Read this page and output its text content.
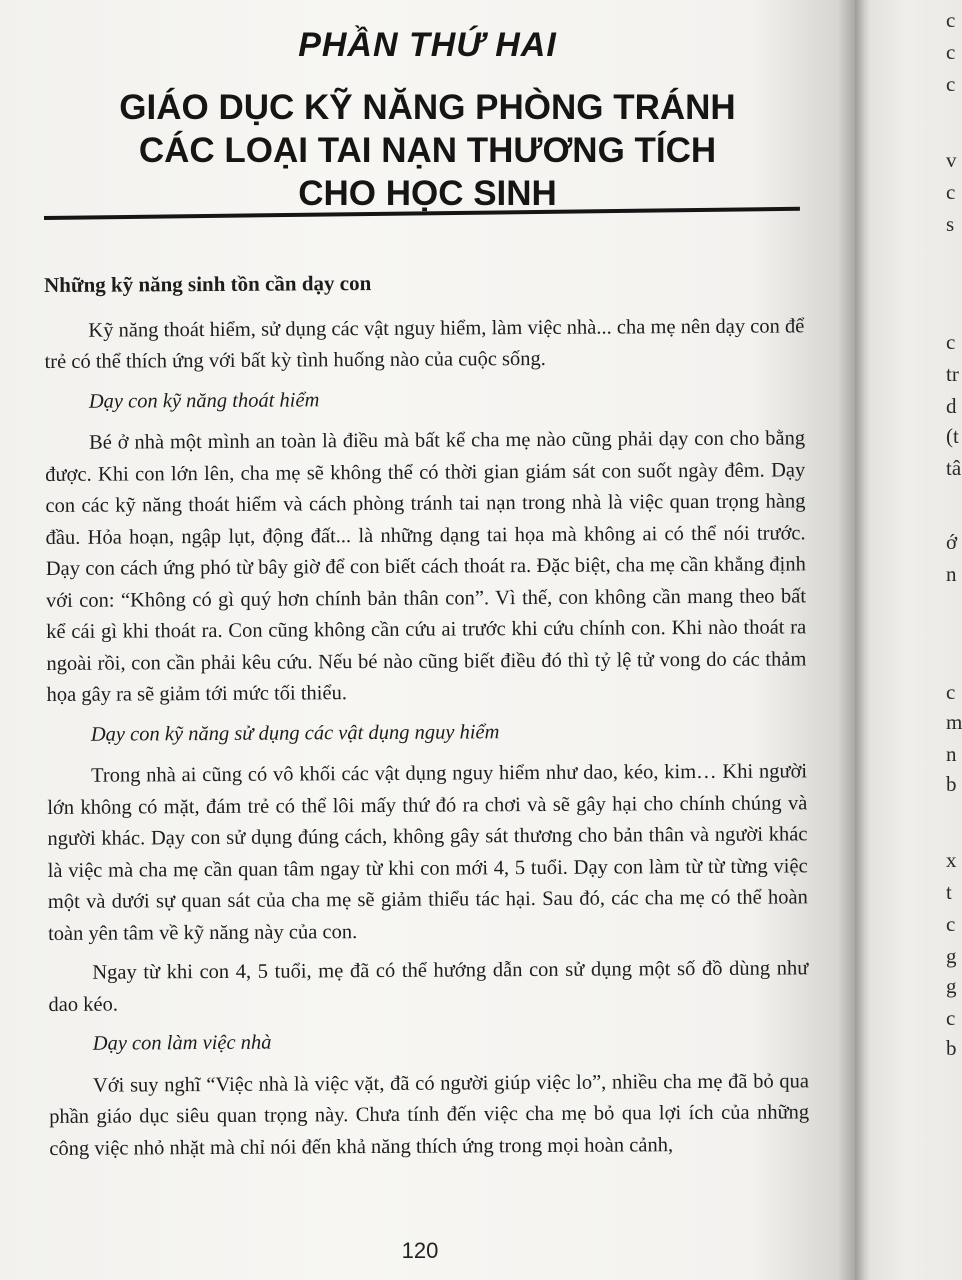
PHẦN THỨ HAI
GIÁO DỤC KỸ NĂNG PHÒNG TRÁNH
CÁC LOẠI TAI NẠN THƯƠNG TÍCH
CHO HỌC SINH

Những kỹ năng sinh tồn cần dạy con

Kỹ năng thoát hiểm, sử dụng các vật nguy hiểm, làm việc nhà... cha mẹ nên dạy con để trẻ có thể thích ứng với bất kỳ tình huống nào của cuộc sống.

Dạy con kỹ năng thoát hiểm

Bé ở nhà một mình an toàn là điều mà bất kể cha mẹ nào cũng phải dạy con cho bằng được. Khi con lớn lên, cha mẹ sẽ không thể có thời gian giám sát con suốt ngày đêm. Dạy con các kỹ năng thoát hiểm và cách phòng tránh tai nạn trong nhà là việc quan trọng hàng đầu. Hỏa hoạn, ngập lụt, động đất... là những dạng tai họa mà không ai có thể nói trước. Dạy con cách ứng phó từ bây giờ để con biết cách thoát ra. Đặc biệt, cha mẹ cần khẳng định với con: “Không có gì quý hơn chính bản thân con”. Vì thế, con không cần mang theo bất kể cái gì khi thoát ra. Con cũng không cần cứu ai trước khi cứu chính con. Khi nào thoát ra ngoài rồi, con cần phải kêu cứu. Nếu bé nào cũng biết điều đó thì tỷ lệ tử vong do các thảm họa gây ra sẽ giảm tới mức tối thiểu.

Dạy con kỹ năng sử dụng các vật dụng nguy hiểm

Trong nhà ai cũng có vô khối các vật dụng nguy hiểm như dao, kéo, kim… Khi người lớn không có mặt, đám trẻ có thể lôi mấy thứ đó ra chơi và sẽ gây hại cho chính chúng và người khác. Dạy con sử dụng đúng cách, không gây sát thương cho bản thân và người khác là việc mà cha mẹ cần quan tâm ngay từ khi con mới 4, 5 tuổi. Dạy con làm từ từ từng việc một và dưới sự quan sát của cha mẹ sẽ giảm thiểu tác hại. Sau đó, các cha mẹ có thể hoàn toàn yên tâm về kỹ năng này của con.

Ngay từ khi con 4, 5 tuổi, mẹ đã có thể hướng dẫn con sử dụng một số đồ dùng như dao kéo.

Dạy con làm việc nhà

Với suy nghĩ “Việc nhà là việc vặt, đã có người giúp việc lo”, nhiều cha mẹ đã bỏ qua phần giáo dục siêu quan trọng này. Chưa tính đến việc cha mẹ bỏ qua lợi ích của những công việc nhỏ nhặt mà chỉ nói đến khả năng thích ứng trong mọi hoàn cảnh,

120
c
c
c
v
c
s
c
tr
d
(t
tâ
ớ
n
c
m
n
b
x
t
c
g
g
c
b
